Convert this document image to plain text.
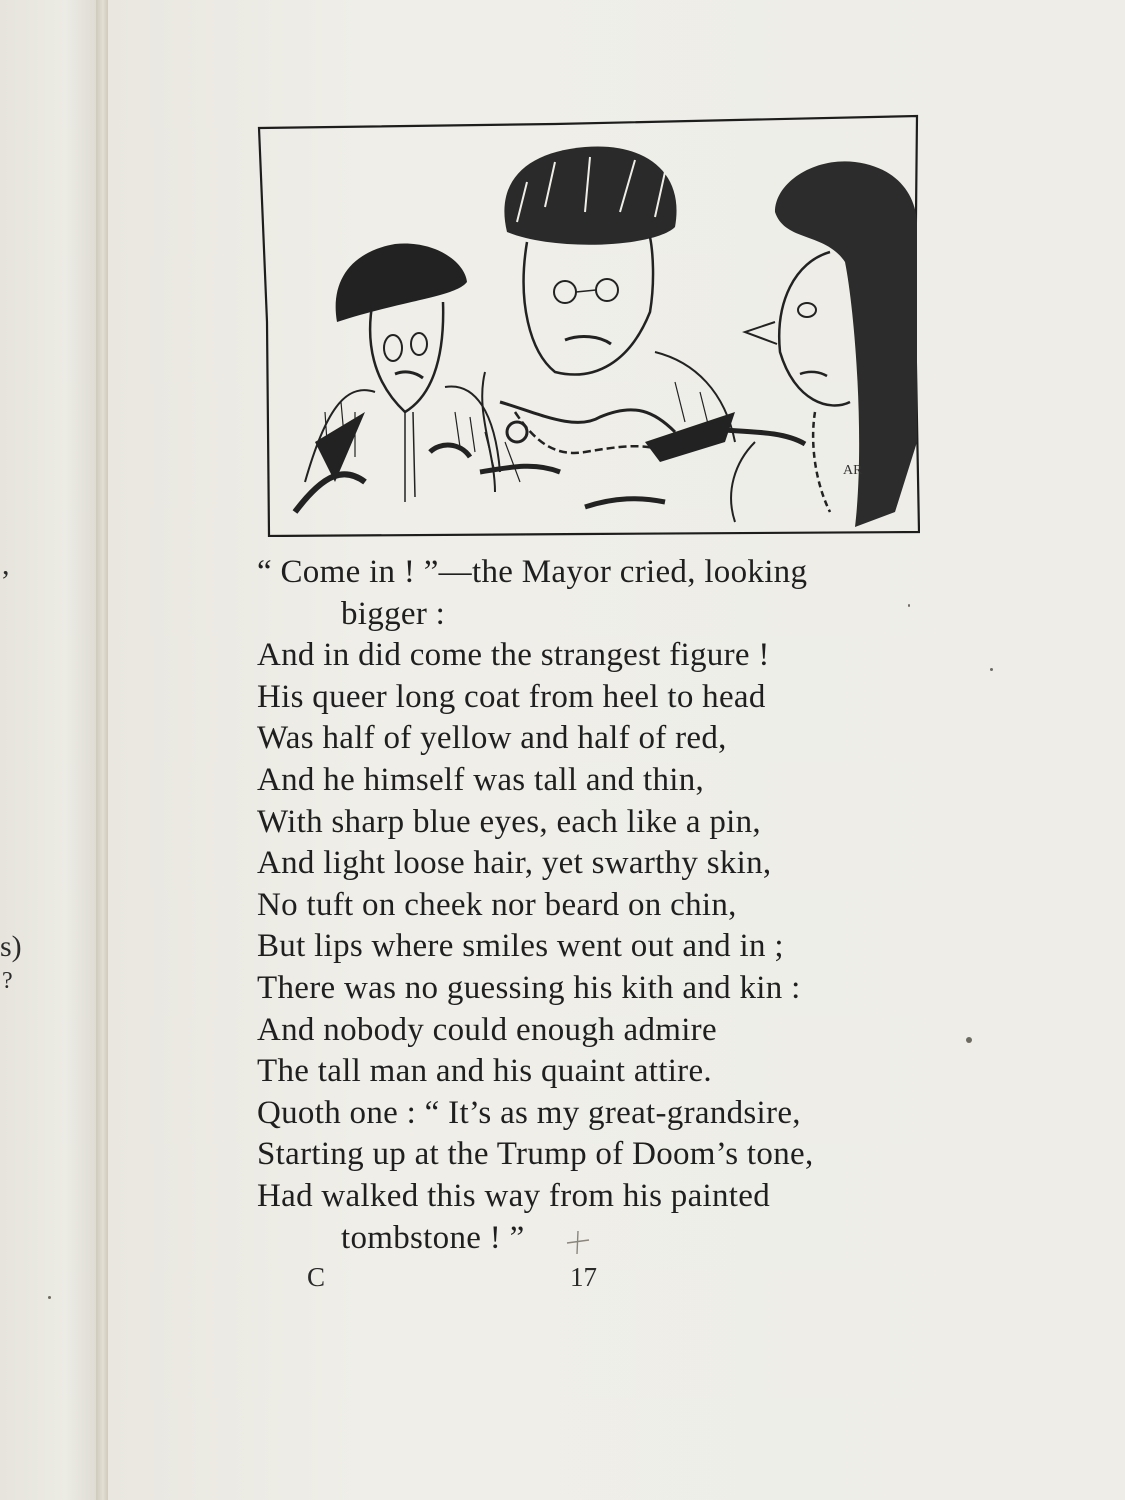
,
s)
?
AR
“ Come in ! ”—the Mayor cried, looking
bigger :
And in did come the strangest figure !
His queer long coat from heel to head
Was half of yellow and half of red,
And he himself was tall and thin,
With sharp blue eyes, each like a pin,
And light loose hair, yet swarthy skin,
No tuft on cheek nor beard on chin,
But lips where smiles went out and in ;
There was no guessing his kith and kin :
And nobody could enough admire
The tall man and his quaint attire.
Quoth one : “ It’s as my great-grandsire,
Starting up at the Trump of Doom’s tone,
Had walked this way from his painted
tombstone ! ”
C	17
